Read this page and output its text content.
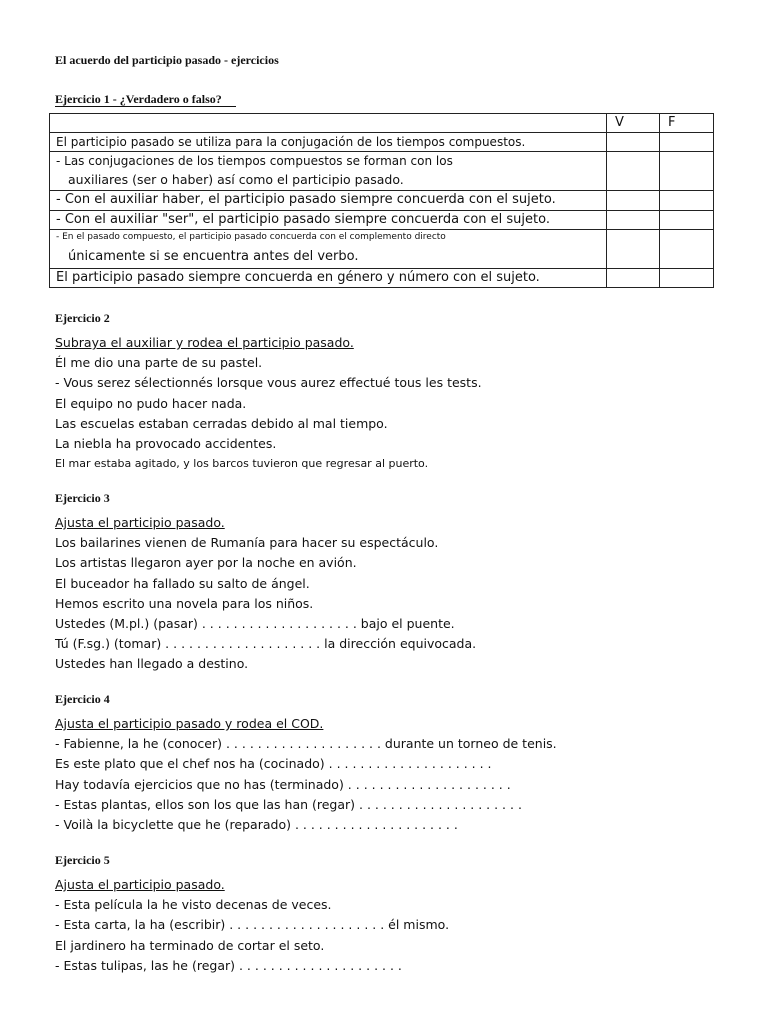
El acuerdo del participio pasado - ejercicios
Ejercicio 1 - ¿Verdadero o falso?
	V	F
El participio pasado se utiliza para la conjugación de los tiempos compuestos.		
- Las conjugaciones de los tiempos compuestos se forman con los
auxiliares (ser o haber) así como el participio pasado.		

- Con el auxiliar haber, el participio pasado siempre concuerda con el sujeto.		
- Con el auxiliar "ser", el participio pasado siempre concuerda con el sujeto.		

- En el pasado compuesto, el participio pasado concuerda con el complemento directo
únicamente si se encuentra antes del verbo.		

El participio pasado siempre concuerda en género y número con el sujeto.		
Ejercicio 2
Subraya el auxiliar y rodea el participio pasado.
Él me dio una parte de su pastel.
- Vous serez sélectionnés lorsque vous aurez effectué tous les tests.
El equipo no pudo hacer nada.
Las escuelas estaban cerradas debido al mal tiempo.
La niebla ha provocado accidentes.
El mar estaba agitado, y los barcos tuvieron que regresar al puerto.
Ejercicio 3
Ajusta el participio pasado.
Los bailarines vienen de Rumanía para hacer su espectáculo.
Los artistas llegaron ayer por la noche en avión.
El buceador ha fallado su salto de ángel.
Hemos escrito una novela para los niños.
Ustedes (M.pl.) (pasar) . . . . . . . . . . . . . . . . . . . . bajo el puente.
Tú (F.sg.) (tomar) . . . . . . . . . . . . . . . . . . . . la dirección equivocada.
Ustedes han llegado a destino.
Ejercicio 4
Ajusta el participio pasado y rodea el COD.
- Fabienne, la he (conocer) . . . . . . . . . . . . . . . . . . . . durante un torneo de tenis.
Es este plato que el chef nos ha (cocinado) . . . . . . . . . . . . . . . . . . . . .
Hay todavía ejercicios que no has (terminado) . . . . . . . . . . . . . . . . . . . . .
- Estas plantas, ellos son los que las han (regar) . . . . . . . . . . . . . . . . . . . . .
- Voilà la bicyclette que he (reparado) . . . . . . . . . . . . . . . . . . . . .
Ejercicio 5
Ajusta el participio pasado.
- Esta película la he visto decenas de veces.
- Esta carta, la ha (escribir) . . . . . . . . . . . . . . . . . . . . él mismo.
El jardinero ha terminado de cortar el seto.
- Estas tulipas, las he (regar) . . . . . . . . . . . . . . . . . . . . .
